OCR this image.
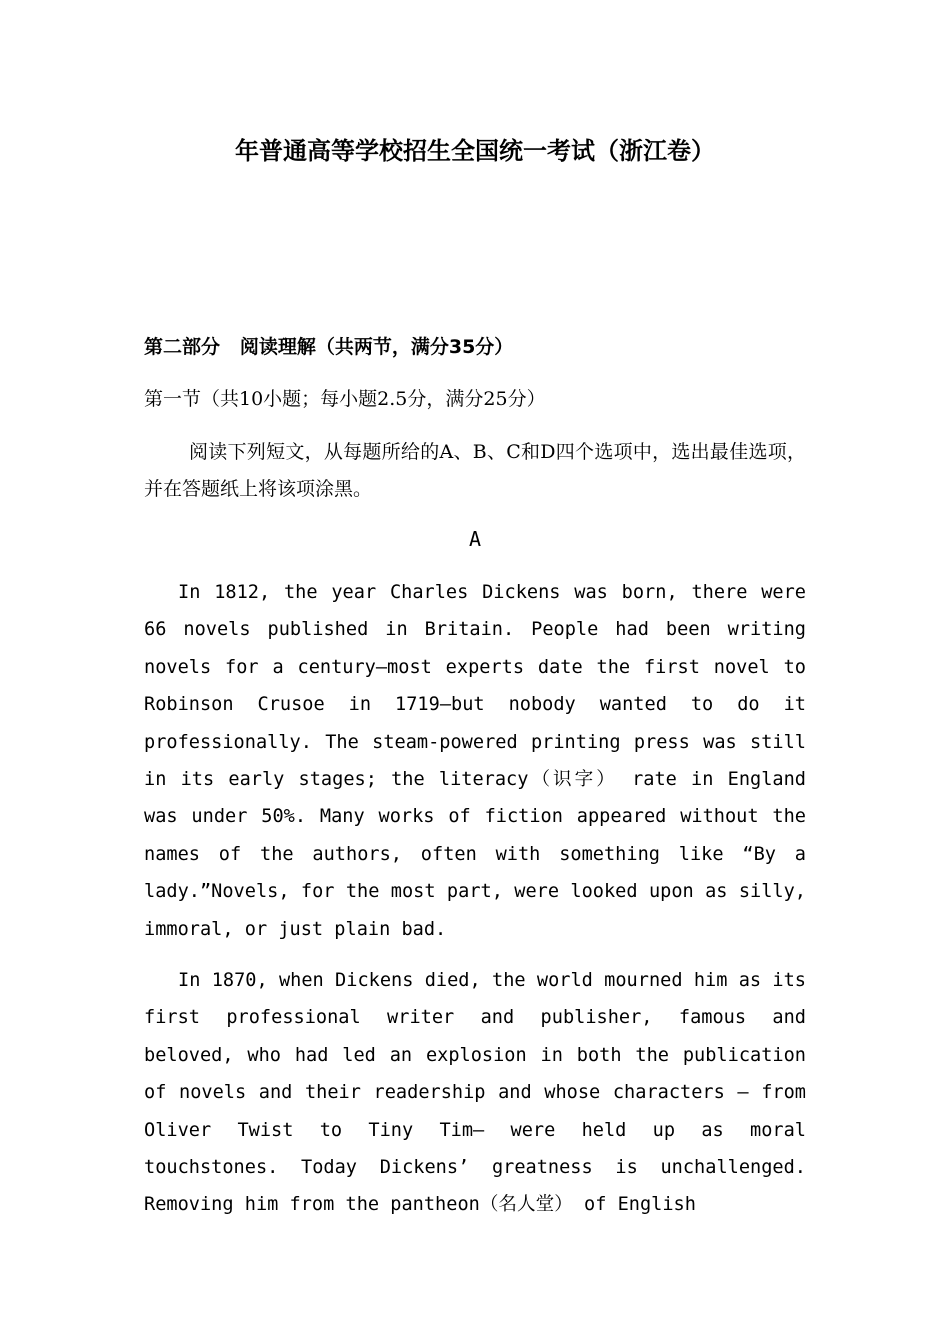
年普通高等学校招生全国统一考试（浙江卷）
第二部分   阅读理解（共两节，满分35分）
第一节（共10小题；每小题2.5分，满分25分）

阅读下列短文，从每题所给的A、B、C和D四个选项中，选出最佳选项，并在答题纸上将该项涂黑。

A

In 1812, the year Charles Dickens was born, there were 66 novels published in Britain. People had been writing novels for a century—most experts date the first novel to Robinson Crusoe in 1719—but nobody wanted to do it professionally. The steam-powered printing press was still in its early stages; the literacy（识字） rate in England was under 50%. Many works of fiction appeared without the names of the authors, often with something like “By a lady.”Novels, for the most part, were looked upon as silly, immoral, or just plain bad.

In 1870, when Dickens died, the world mourned him as its first professional writer and publisher, famous and beloved, who had led an explosion in both the publication of novels and their readership and whose characters — from Oliver Twist to Tiny Tim— were held up as moral touchstones. Today Dickens’ greatness is unchallenged. Removing him from the pantheon（名人堂） of English
